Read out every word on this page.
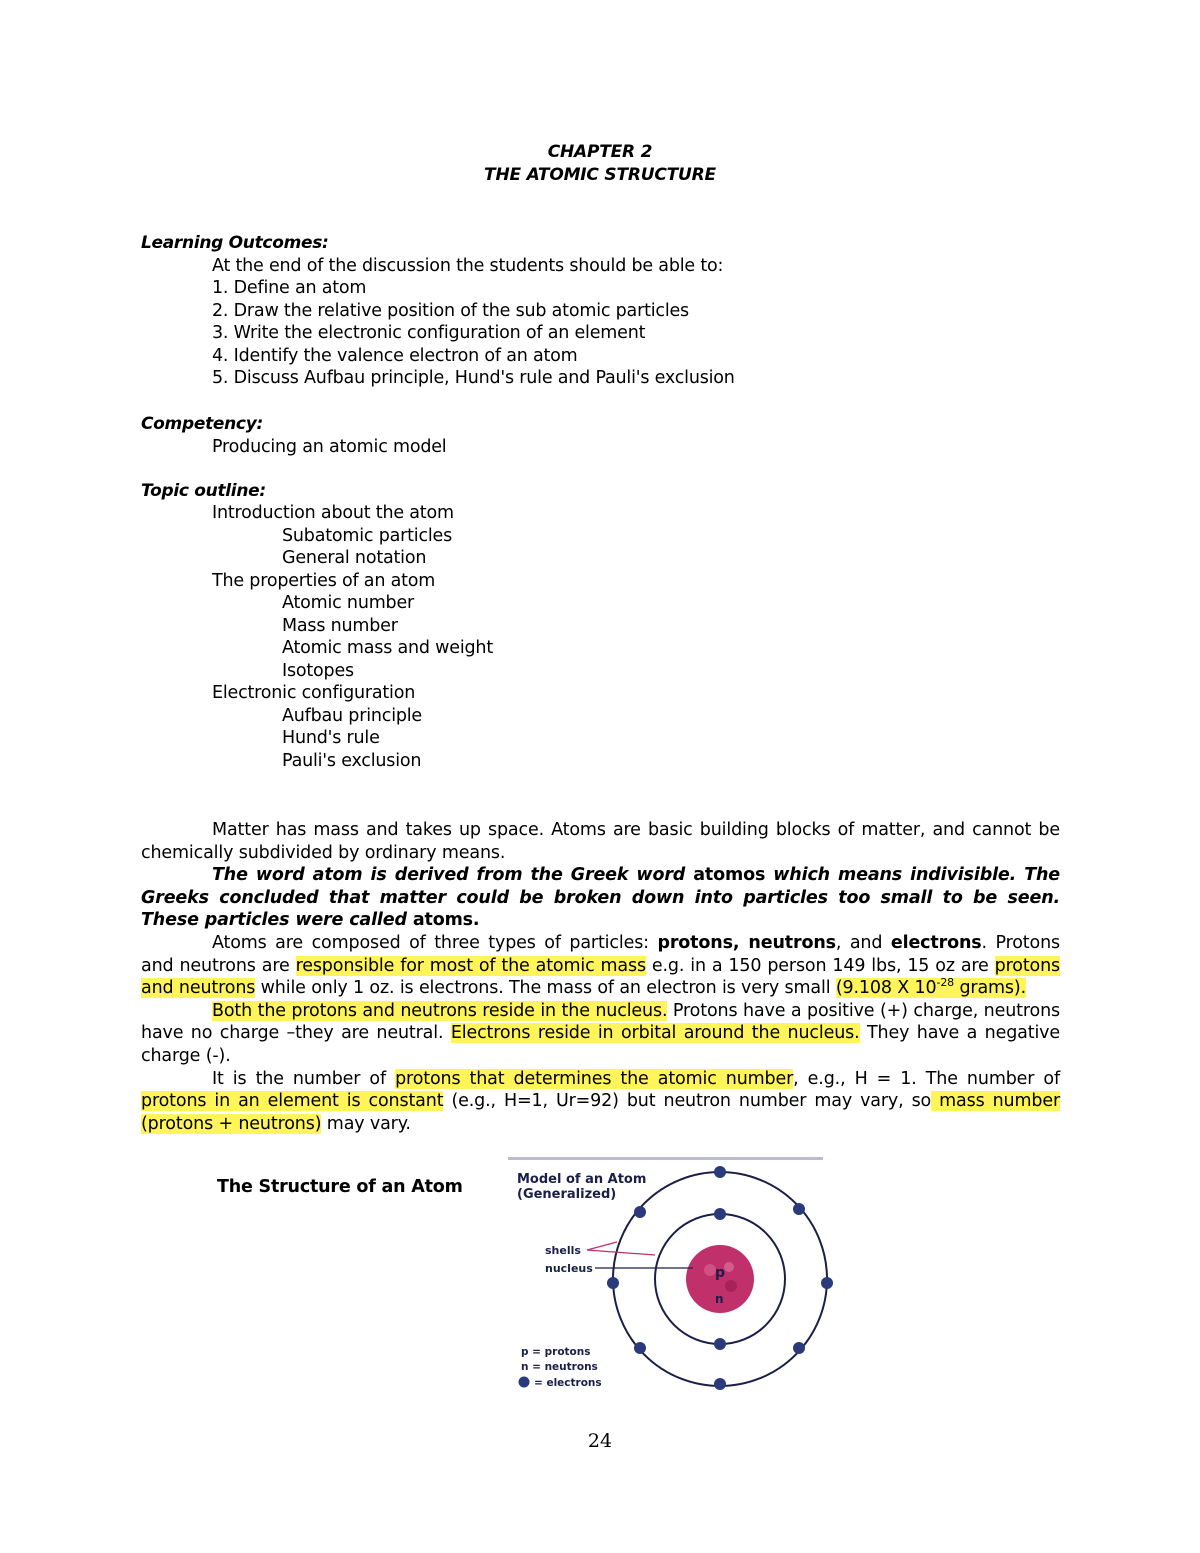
CHAPTER 2
THE ATOMIC STRUCTURE
Learning Outcomes:
At the end of the discussion the students should be able to:
1. Define an atom
2. Draw the relative position of the sub atomic particles
3. Write the electronic configuration of an element
4. Identify the valence electron of an atom
5. Discuss Aufbau principle, Hund's rule and Pauli's exclusion
Competency:
Producing an atomic model
Topic outline:
Introduction about the atom
Subatomic particles
General notation
The properties of an atom
Atomic number
Mass number
Atomic mass and weight
Isotopes
Electronic configuration
Aufbau principle
Hund's rule
Pauli's exclusion

Matter has mass and takes up space. Atoms are basic building blocks of matter, and cannot be chemically subdivided by ordinary means.

The word atom is derived from the Greek word atomos which means indivisible. The Greeks concluded that matter could be broken down into particles too small to be seen. These particles were called atoms.

Atoms are composed of three types of particles: protons, neutrons, and electrons. Protons and neutrons are responsible for most of the atomic mass e.g. in a 150 person 149 lbs, 15 oz are protons and neutrons while only 1 oz. is electrons. The mass of an electron is very small (9.108 X $10^{-28}$ grams).

Both the protons and neutrons reside in the nucleus. Protons have a positive (+) charge, neutrons have no charge –they are neutral. Electrons reside in orbital around the nucleus. They have a negative charge (-).

It is the number of protons that determines the atomic number, e.g., H = 1. The number of protons in an element is constant (e.g., H=1, Ur=92) but neutron number may vary, so mass number (protons + neutrons) may vary.

The Structure of an Atom	Model of an Atom
(Generalized)
p
n
shells
nucleus
p = protons
n = neutrons
= electrons
24
